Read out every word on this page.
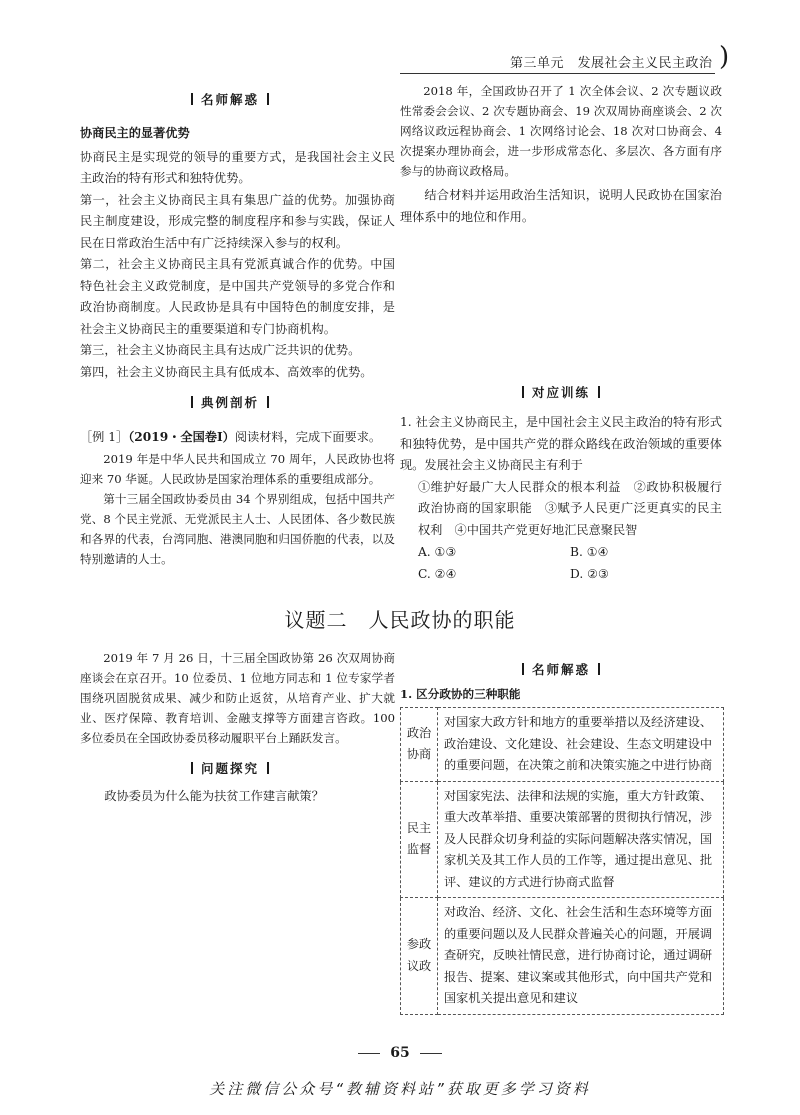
第三单元　发展社会主义民主政治 )
名师解惑

协商民主的显著优势

协商民主是实现党的领导的重要方式，是我国社会主义民主政治的特有形式和独特优势。

第一，社会主义协商民主具有集思广益的优势。加强协商民主制度建设，形成完整的制度程序和参与实践，保证人民在日常政治生活中有广泛持续深入参与的权利。

第二，社会主义协商民主具有党派真诚合作的优势。中国特色社会主义政党制度，是中国共产党领导的多党合作和政治协商制度。人民政协是具有中国特色的制度安排，是社会主义协商民主的重要渠道和专门协商机构。

第三，社会主义协商民主具有达成广泛共识的优势。

第四，社会主义协商民主具有低成本、高效率的优势。

典例剖析

［例 1］（2019・全国卷Ⅰ）阅读材料，完成下面要求。

2019 年是中华人民共和国成立 70 周年，人民政协也将迎来 70 华诞。人民政协是国家治理体系的重要组成部分。

第十三届全国政协委员由 34 个界别组成，包括中国共产党、8 个民主党派、无党派民主人士、人民团体、各少数民族和各界的代表，台湾同胞、港澳同胞和归国侨胞的代表，以及特别邀请的人士。

2018 年，全国政协召开了 1 次全体会议、2 次专题议政性常委会会议、2 次专题协商会、19 次双周协商座谈会、2 次网络议政远程协商会、1 次网络讨论会、18 次对口协商会、4 次提案办理协商会，进一步形成常态化、多层次、各方面有序参与的协商议政格局。

结合材料并运用政治生活知识，说明人民政协在国家治理体系中的地位和作用。

对应训练

1. 社会主义协商民主，是中国社会主义民主政治的特有形式和独特优势，是中国共产党的群众路线在政治领域的重要体现。发展社会主义协商民主有利于

①维护好最广大人民群众的根本利益　②政协积极履行政治协商的国家职能　③赋予人民更广泛更真实的民主权利　④中国共产党更好地汇民意聚民智

A. ①③	B. ①④
C. ②④	D. ②③
议题二　人民政协的职能

2019 年 7 月 26 日，十三届全国政协第 26 次双周协商座谈会在京召开。10 位委员、1 位地方同志和 1 位专家学者围绕巩固脱贫成果、减少和防止返贫，从培育产业、扩大就业、医疗保障、教育培训、金融支撑等方面建言咨政。100 多位委员在全国政协委员移动履职平台上踊跃发言。

问题探究

政协委员为什么能为扶贫工作建言献策？

名师解惑
1. 区分政协的三种职能
政治协商	对国家大政方针和地方的重要举措以及经济建设、政治建设、文化建设、社会建设、生态文明建设中的重要问题，在决策之前和决策实施之中进行协商
民主监督	对国家宪法、法律和法规的实施，重大方针政策、重大改革举措、重要决策部署的贯彻执行情况，涉及人民群众切身利益的实际问题解决落实情况，国家机关及其工作人员的工作等，通过提出意见、批评、建议的方式进行协商式监督
参政议政	对政治、经济、文化、社会生活和生态环境等方面的重要问题以及人民群众普遍关心的问题，开展调查研究，反映社情民意，进行协商讨论，通过调研报告、提案、建议案或其他形式，向中国共产党和国家机关提出意见和建议
65
关注微信公众号“教辅资料站”获取更多学习资料
